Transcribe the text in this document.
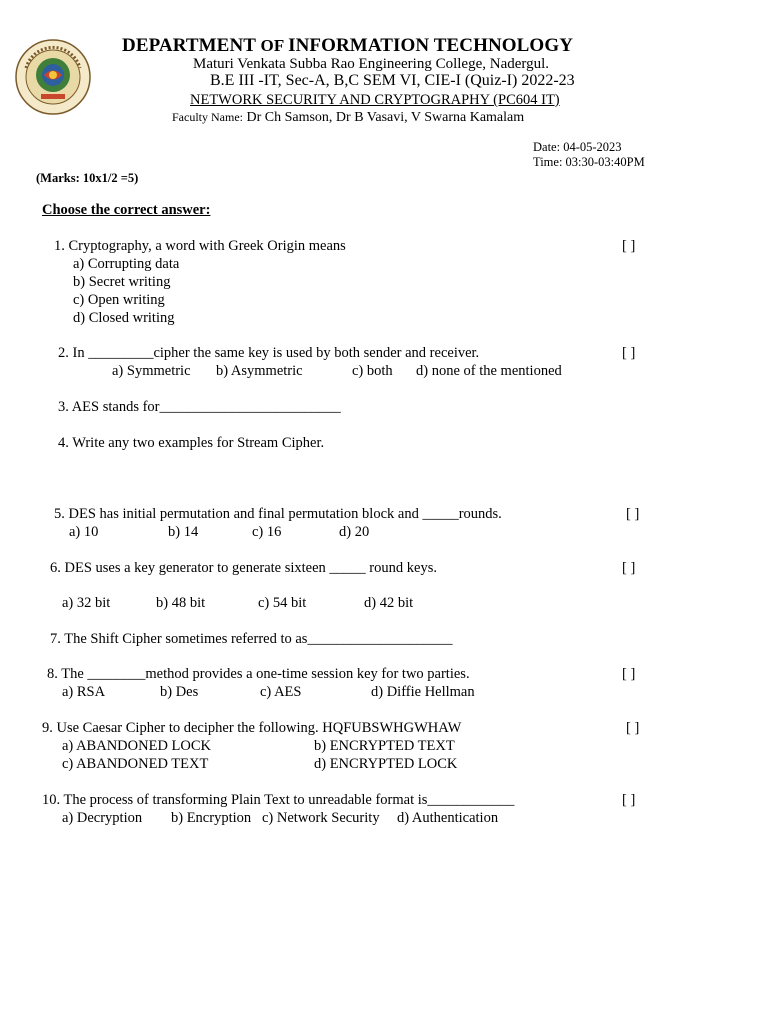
DEPARTMENT OF INFORMATION TECHNOLOGY
Maturi Venkata Subba Rao Engineering College, Nadergul.
B.E III -IT, Sec-A, B,C SEM VI, CIE-I (Quiz-I) 2022-23
NETWORK SECURITY AND CRYPTOGRAPHY (PC604 IT)
Faculty Name: Dr Ch Samson, Dr B Vasavi, V Swarna Kamalam
Date: 04-05-2023
Time: 03:30-03:40PM
(Marks: 10x1/2 =5)
Choose the correct answer:
1. Cryptography, a word with Greek Origin means	[ ]
a) Corrupting data
b) Secret writing
c) Open writing
d) Closed writing
2. In _________cipher the same key is used by both sender and receiver.	[ ]
a) Symmetric b) Asymmetric	c) both d) none of the mentioned
3. AES stands for_________________________
4. Write any two examples for Stream Cipher.
5. DES has initial permutation and final permutation block and _____rounds.	[ ]
a) 10	b) 14	c) 16	d) 20
6. DES uses a key generator to generate sixteen _____ round keys.	[ ]
a) 32 bit	b) 48 bit	c) 54 bit	d) 42 bit
7. The Shift Cipher sometimes referred to as____________________
8. The ________method provides a one-time session key for two parties.	[ ]
a) RSA	b) Des	c) AES	d) Diffie Hellman
9. Use Caesar Cipher to decipher the following. HQFUBSWHGWHAW	[ ]
a) ABANDONED LOCK	b) ENCRYPTED TEXT
c) ABANDONED TEXT	d) ENCRYPTED LOCK
10. The process of transforming Plain Text to unreadable format is____________	[ ]
a) Decryption b) Encryption c) Network Security d) Authentication
